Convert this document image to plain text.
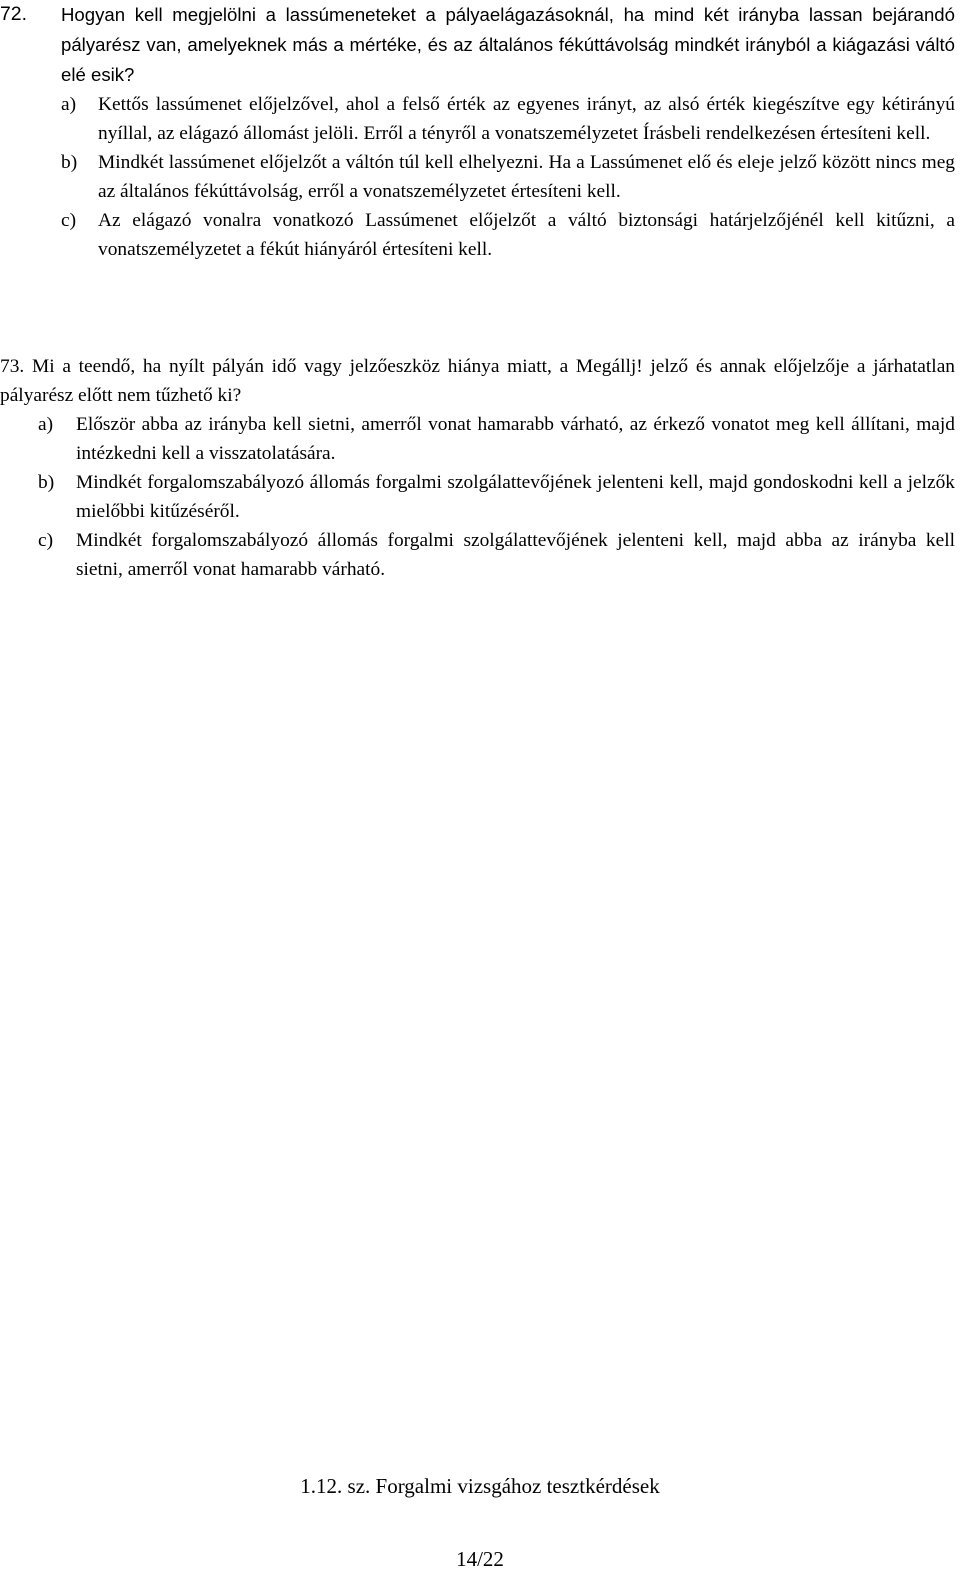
72. Hogyan kell megjelölni a lassúmeneteket a pályaelágazásoknál, ha mind két irányba lassan bejárandó pályarész van, amelyeknek más a mértéke, és az általános fékúttávolság mindkét irányból a kiágazási váltó elé esik?
a) Kettős lassúmenet előjelzővel, ahol a felső érték az egyenes irányt, az alsó érték kiegészítve egy kétirányú nyíllal, az elágazó állomást jelöli. Erről a tényről a vonatszemélyzetet Írásbeli rendelkezésen értesíteni kell.
b) Mindkét lassúmenet előjelzőt a váltón túl kell elhelyezni. Ha a Lassúmenet elő és eleje jelző között nincs meg az általános fékúttávolság, erről a vonatszemélyzetet értesíteni kell.
c) Az elágazó vonalra vonatkozó Lassúmenet előjelzőt a váltó biztonsági határjelzőjénél kell kitűzni, a vonatszemélyzetet a fékút hiányáról értesíteni kell.
73. Mi a teendő, ha nyílt pályán idő vagy jelzőeszköz hiánya miatt, a Megállj! jelző és annak előjelzője a járhatatlan pályarész előtt nem tűzhető ki?
a) Először abba az irányba kell sietni, amerről vonat hamarabb várható, az érkező vonatot meg kell állítani, majd intézkedni kell a visszatolatására.
b) Mindkét forgalomszabályozó állomás forgalmi szolgálattevőjének jelenteni kell, majd gondoskodni kell a jelzők mielőbbi kitűzéséről.
c) Mindkét forgalomszabályozó állomás forgalmi szolgálattevőjének jelenteni kell, majd abba az irányba kell sietni, amerről vonat hamarabb várható.
1.12. sz. Forgalmi vizsgához tesztkérdések
14/22
